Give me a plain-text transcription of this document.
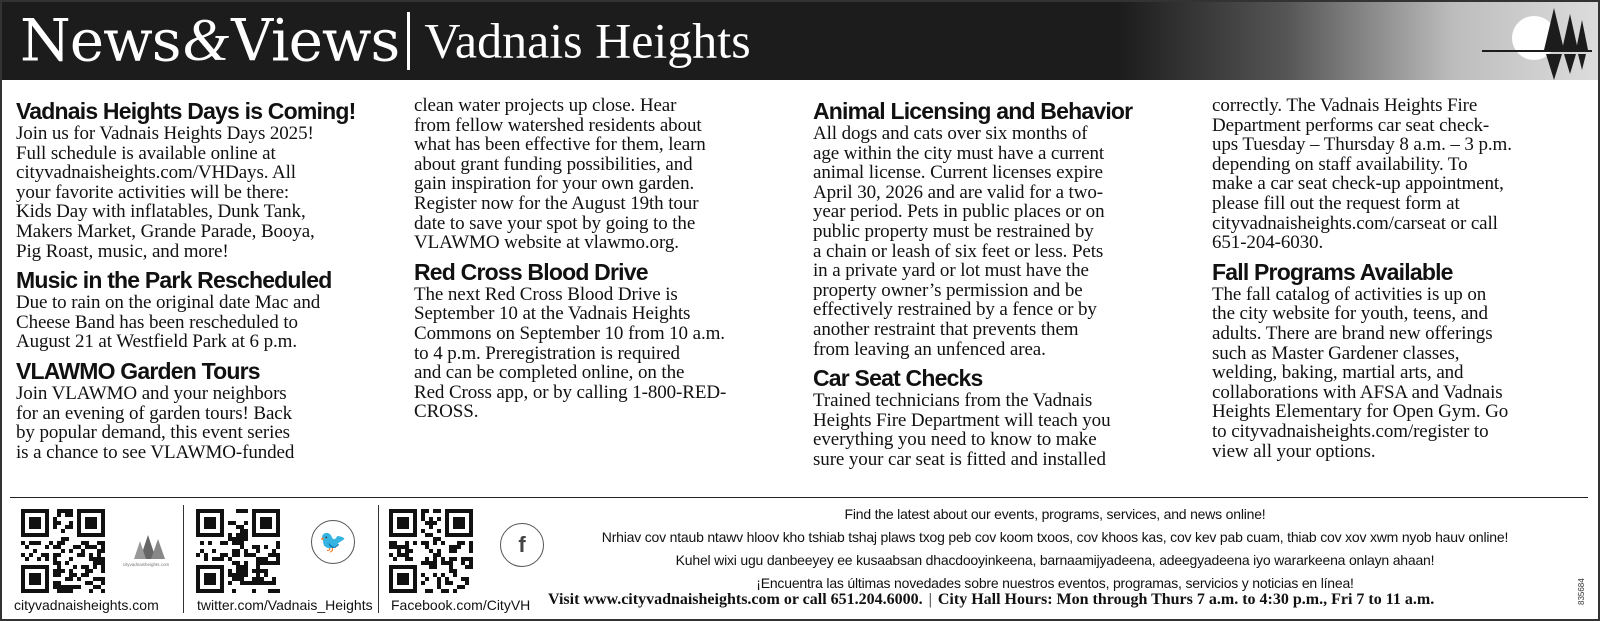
News&Views Vadnais Heights
Vadnais Heights Days is Coming!
Join us for Vadnais Heights Days 2025!
Full schedule is available online at
cityvadnaisheights.com/VHDays. All
your favorite activities will be there:
Kids Day with inflatables, Dunk Tank,
Makers Market, Grande Parade, Booya,
Pig Roast, music, and more!
Music in the Park Rescheduled
Due to rain on the original date Mac and
Cheese Band has been rescheduled to
August 21 at Westfield Park at 6 p.m.
VLAWMO Garden Tours
Join VLAWMO and your neighbors
for an evening of garden tours! Back
by popular demand, this event series
is a chance to see VLAWMO-funded
clean water projects up close. Hear
from fellow watershed residents about
what has been effective for them, learn
about grant funding possibilities, and
gain inspiration for your own garden.
Register now for the August 19th tour
date to save your spot by going to the
VLAWMO website at vlawmo.org.
Red Cross Blood Drive
The next Red Cross Blood Drive is
September 10 at the Vadnais Heights
Commons on September 10 from 10 a.m.
to 4 p.m. Preregistration is required
and can be completed online, on the
Red Cross app, or by calling 1-800-RED-
CROSS.
Animal Licensing and Behavior
All dogs and cats over six months of
age within the city must have a current
animal license. Current licenses expire
April 30, 2026 and are valid for a two-
year period. Pets in public places or on
public property must be restrained by
a chain or leash of six feet or less. Pets
in a private yard or lot must have the
property owner’s permission and be
effectively restrained by a fence or by
another restraint that prevents them
from leaving an unfenced area.
Car Seat Checks
Trained technicians from the Vadnais
Heights Fire Department will teach you
everything you need to know to make
sure your car seat is fitted and installed
correctly. The Vadnais Heights Fire
Department performs car seat check-
ups Tuesday – Thursday 8 a.m. – 3 p.m.
depending on staff availability. To
make a car seat check-up appointment,
please fill out the request form at
cityvadnaisheights.com/carseat or call
651-204-6030.
Fall Programs Available
The fall catalog of activities is up on
the city website for youth, teens, and
adults. There are brand new offerings
such as Master Gardener classes,
welding, baking, martial arts, and
collaborations with AFSA and Vadnais
Heights Elementary for Open Gym. Go
to cityvadnaisheights.com/register to
view all your options.
cityvadnaisheights.com
cityvadnaisheights.com
🐦
twitter.com/Vadnais_Heights
f
Facebook.com/CityVH
Find the latest about our events, programs, services, and news online!
Nrhiav cov ntaub ntawv hloov kho tshiab tshaj plaws txog peb cov koom txoos, cov khoos kas, cov kev pab cuam, thiab cov xov xwm nyob hauv online!
Kuhel wixi ugu danbeeyey ee kusaabsan dhacdooyinkeena, barnaamijyadeena, adeegyadeena iyo wararkeena onlayn ahaan!
¡Encuentra las últimas novedades sobre nuestros eventos, programas, servicios y noticias en línea!
Visit www.cityvadnaisheights.com or call 651.204.6000. | City Hall Hours: Mon through Thurs 7 a.m. to 4:30 p.m., Fri 7 to 11 a.m.	835684
